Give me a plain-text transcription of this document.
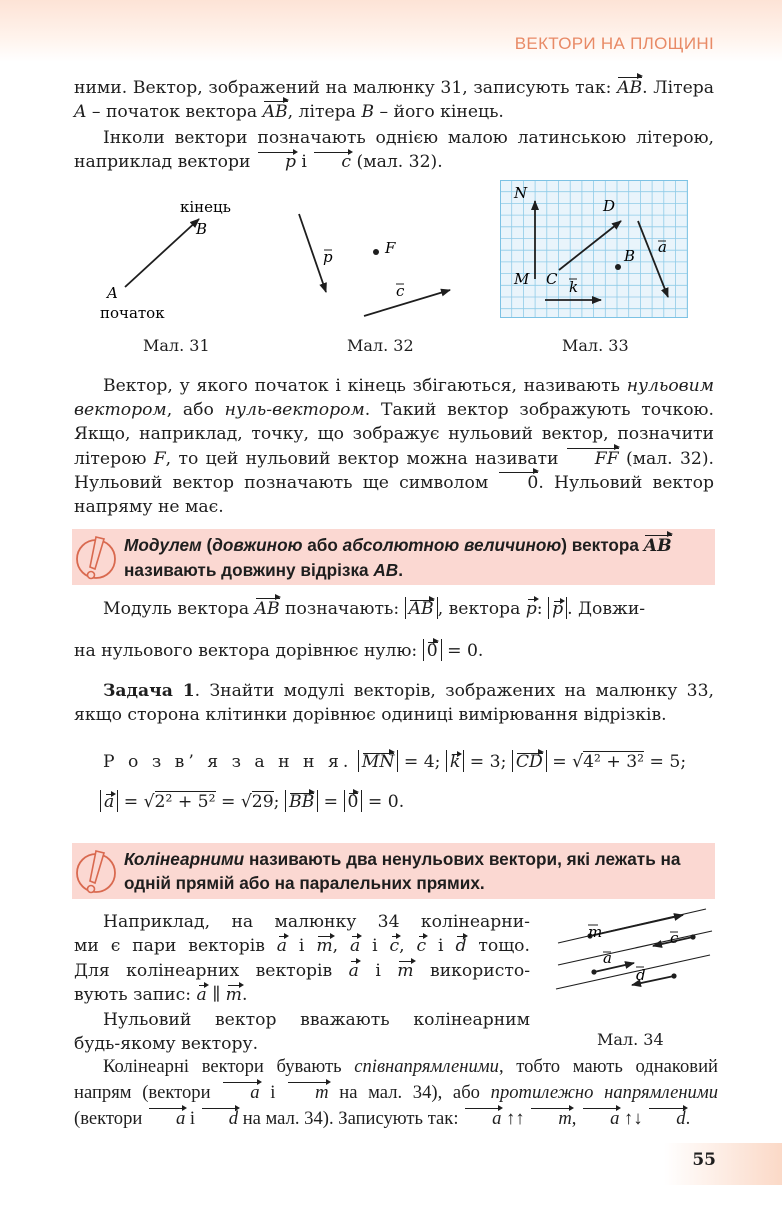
ВЕКТОРИ НА ПЛОЩИНІ
ними. Вектор, зображений на малюнку 31, записують так: AB. Літера A – початок вектора AB, літера B – його кінець.
Інколи вектори позначають однією малою латинською літерою, наприклад вектори p і c (мал. 32).
кінець
B
A
початок
Мал. 31
p	F
c
Мал. 32
N
M C
D
B
k
a
Мал. 33
Вектор, у якого початок і кінець збігаються, називають нульовим вектором, або нуль-вектором. Такий вектор зображують точкою. Якщо, наприклад, точку, що зображує нульовий вектор, позначити літерою F, то цей нульовий вектор можна називати FF (мал. 32). Нульовий вектор позначають ще символом 0. Нульовий вектор напряму не має.
Модулем (довжиною або абсолютною величиною) вектора AB називають довжину відрізка AB.
Модуль вектора AB позначають: AB , вектора p: p . Довжи-
на нульового вектора дорівнює нулю: 0 = 0.
Задача 1. Знайти модулі векторів, зображених на малюнку 33, якщо сторона клітинки дорівнює одиниці вимірювання відрізків.
Р о з в’ я з а н н я. MN = 4; k = 3; CD = √4² + 3² = 5;
a = √2² + 5² = √29; BB = 0 = 0.
Колінеарними називають два ненульових вектори, які лежать на одній прямій або на паралельних прямих.
Наприклад, на малюнку 34 колінеарни-
ми є пари векторів a і m, a і c, c і d тощо.
Для колінеарних векторів a і m використо-
вують запис: a ∥ m.
Нульовий вектор вважають колінеарним
будь-якому вектору.
m	c
a
d
Мал. 34
Колінеарні вектори бувають співнапрямленими, тобто мають однаковий напрям (вектори a і m на мал. 34), або протилежно напрямленими (вектори a і d на мал. 34). Записують так: a ↑↑ m, a ↑↓ d.
55
